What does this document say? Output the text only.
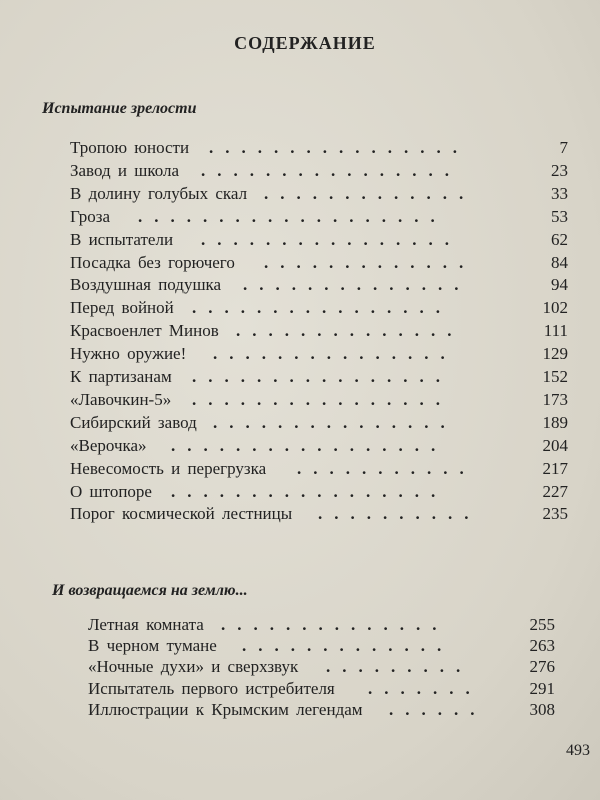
СОДЕРЖАНИЕ
Испытание зрелости
Тропою юности ................	7
Завод и школа ................	23
В долину голубых скал .............	33
Гроза ...................	53
В испытатели ................	62
Посадка без горючего .............	84
Воздушная подушка ..............	94
Перед войной ................	102
Красвоенлет Минов ..............	111
Нужно оружие! ...............	129
К партизанам ................	152
«Лавочкин-5» ................	173
Сибирский завод ...............	189
«Верочка» .................	204
Невесомость и перегрузка ...........	217
О штопоре .................	227
Порог космической лестницы ..........	235
И возвращаемся на землю...
Летная комната ..............	255
В черном тумане .............	263
«Ночные духи» и сверхзвук .........	276
Испытатель первого истребителя .......	291
Иллюстрации к Крымским легендам ......	308
493
